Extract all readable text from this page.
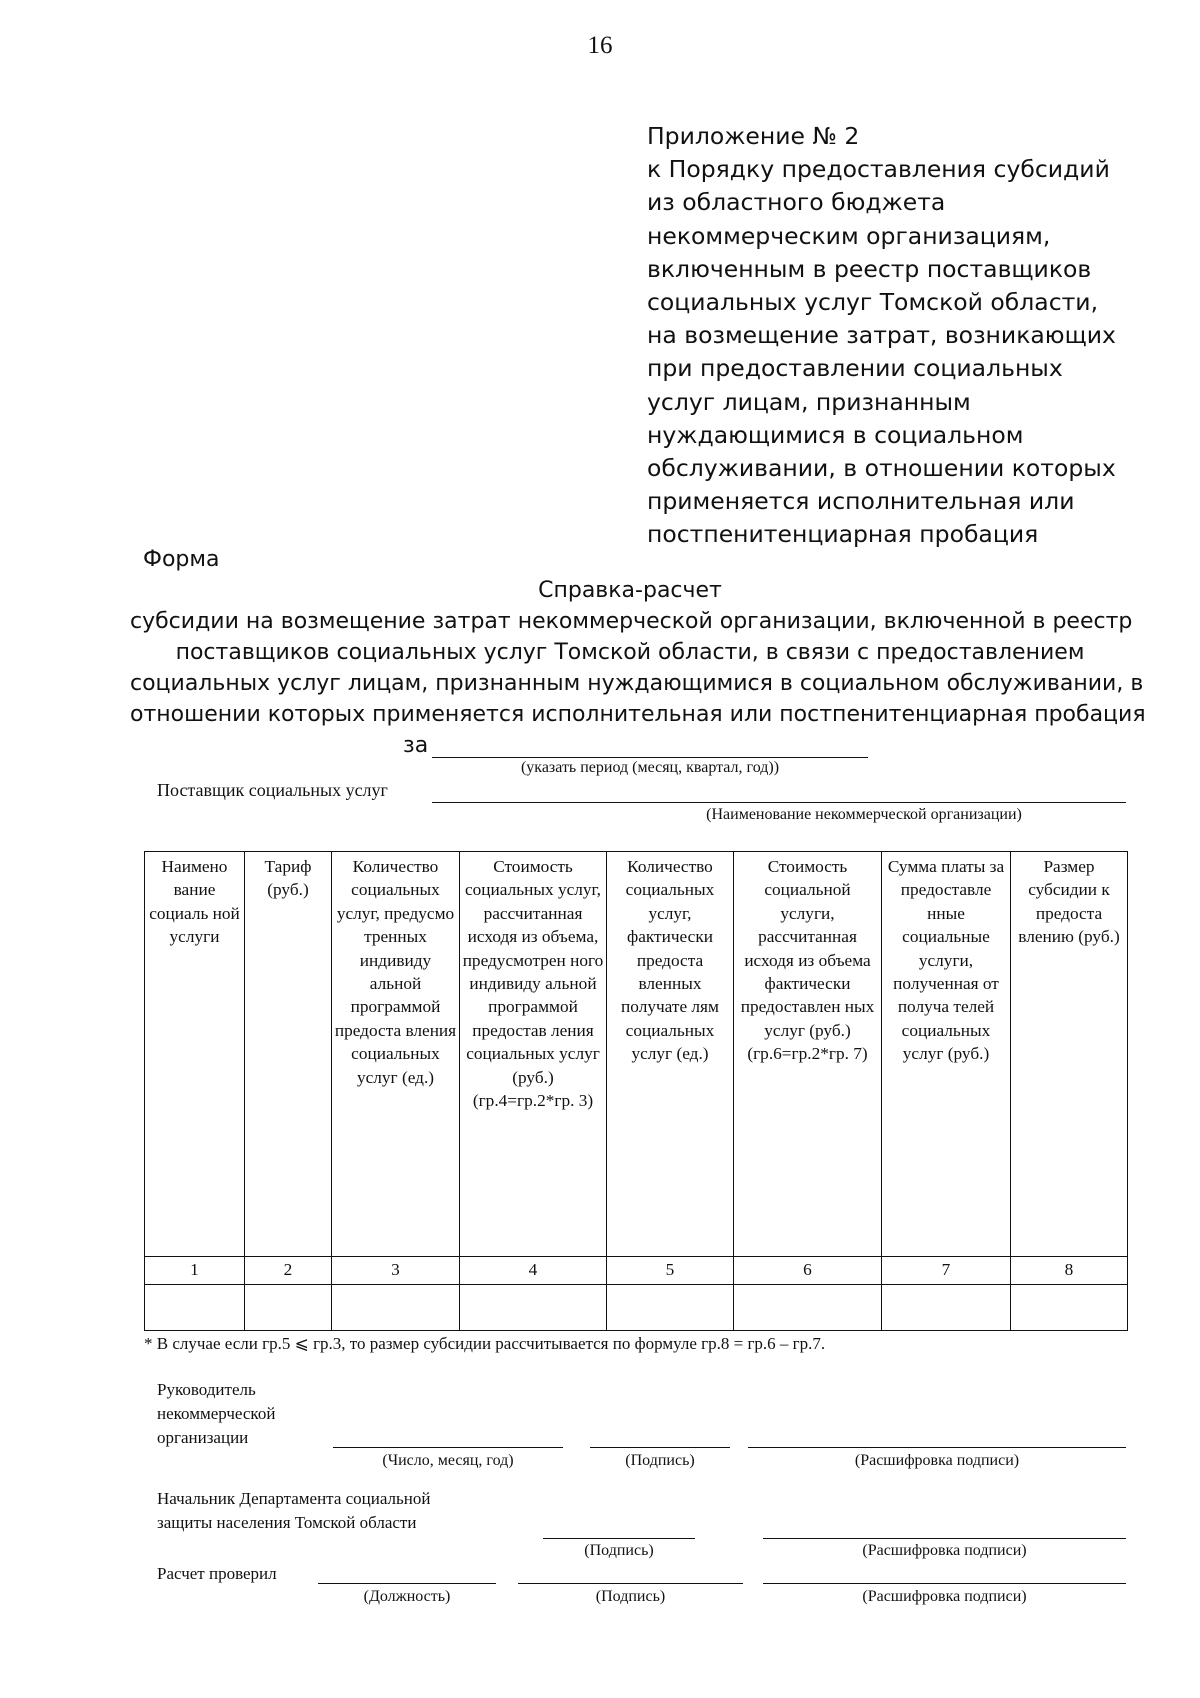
16
Приложение № 2
к Порядку предоставления субсидий
из областного бюджета
некоммерческим организациям,
включенным в реестр поставщиков
социальных услуг Томской области,
на возмещение затрат, возникающих
при предоставлении социальных
услуг лицам, признанным
нуждающимися в социальном
обслуживании, в отношении которых
применяется исполнительная или
постпенитенциарная пробация
Форма
Справка-расчет
субсидии на возмещение затрат некоммерческой организации, включенной в реестр
поставщиков социальных услуг Томской области, в связи с предоставлением
социальных услуг лицам, признанным нуждающимися в социальном обслуживании, в
отношении которых применяется исполнительная или постпенитенциарная пробация
за
(указать период (месяц, квартал, год))
Поставщик социальных услуг
(Наименование некоммерческой организации)
Наимено вание социаль ной услуги	Тариф (руб.)	Количество социальных услуг, предусмо тренных индивиду альной программой предоста вления социальных услуг (ед.)	Стоимость социальных услуг, рассчитанная исходя из объема, предусмотрен ного индивиду альной программой предостав ления социальных услуг (руб.) (гр.4=гр.2*гр. 3)	Количество социальных услуг, фактически предоста вленных получате лям социальных услуг (ед.)	Стоимость социальной услуги, рассчитанная исходя из объема фактически предоставлен ных услуг (руб.) (гр.6=гр.2*гр. 7)	Сумма платы за предоставле нные социальные услуги, полученная от получа телей социальных услуг (руб.)	Размер субсидии к предоста влению (руб.)
1	2	3	4	5	6	7	8

* В случае если гр.5 ⩽ гр.3, то размер субсидии рассчитывается по формуле гр.8 = гр.6 – гр.7.
Руководитель
некоммерческой
организации
(Число, месяц, год)	(Подпись)	(Расшифровка подписи)
Начальник Департамента социальной
защиты населения Томской области
(Подпись)	(Расшифровка подписи)
Расчет проверил
(Должность)	(Подпись)	(Расшифровка подписи)
